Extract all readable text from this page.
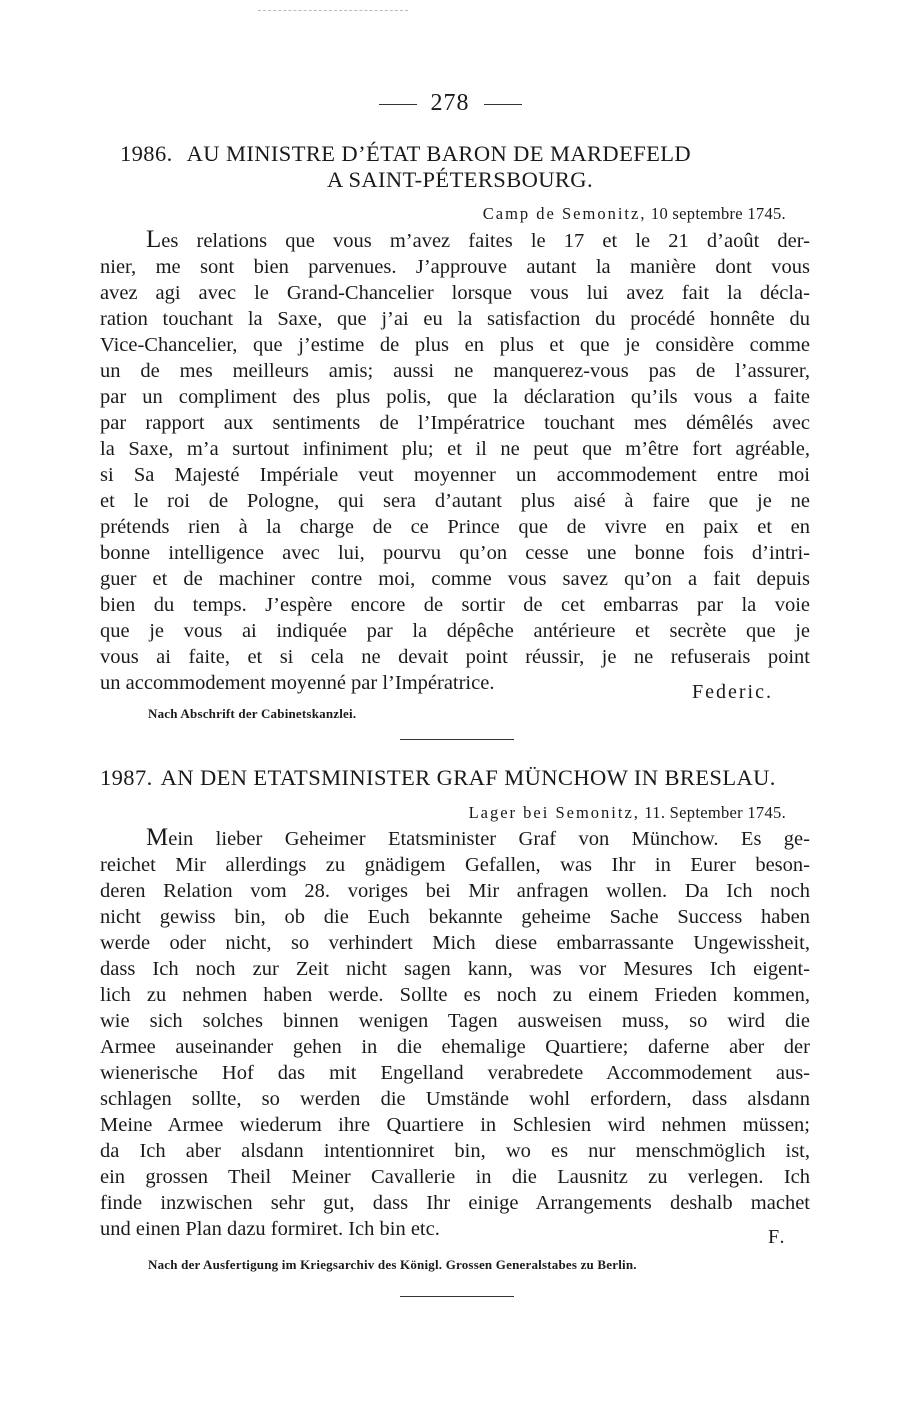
278
1986. AU MINISTRE D’ÉTAT BARON DE MARDEFELD
A SAINT-PÉTERSBOURG.
Camp de Semonitz, 10 septembre 1745.
Les relations que vous m’avez faites le 17 et le 21 d’août der-
nier, me sont bien parvenues. J’approuve autant la manière dont vous
avez agi avec le Grand-Chancelier lorsque vous lui avez fait la décla-
ration touchant la Saxe, que j’ai eu la satisfaction du procédé honnête du
Vice-Chancelier, que j’estime de plus en plus et que je considère comme
un de mes meilleurs amis; aussi ne manquerez-vous pas de l’assurer,
par un compliment des plus polis, que la déclaration qu’ils vous a faite
par rapport aux sentiments de l’Impératrice touchant mes démêlés avec
la Saxe, m’a surtout infiniment plu; et il ne peut que m’être fort agréable,
si Sa Majesté Impériale veut moyenner un accommodement entre moi
et le roi de Pologne, qui sera d’autant plus aisé à faire que je ne
prétends rien à la charge de ce Prince que de vivre en paix et en
bonne intelligence avec lui, pourvu qu’on cesse une bonne fois d’intri-
guer et de machiner contre moi, comme vous savez qu’on a fait depuis
bien du temps. J’espère encore de sortir de cet embarras par la voie
que je vous ai indiquée par la dépêche antérieure et secrète que je
vous ai faite, et si cela ne devait point réussir, je ne refuserais point
un accommodement moyenné par l’Impératrice.	Federic.
Nach Abschrift der Cabinetskanzlei.
1987. AN DEN ETATSMINISTER GRAF MÜNCHOW IN BRESLAU.
Lager bei Semonitz, 11. September 1745.
Mein lieber Geheimer Etatsminister Graf von Münchow. Es ge-
reichet Mir allerdings zu gnädigem Gefallen, was Ihr in Eurer beson-
deren Relation vom 28. voriges bei Mir anfragen wollen. Da Ich noch
nicht gewiss bin, ob die Euch bekannte geheime Sache Success haben
werde oder nicht, so verhindert Mich diese embarrassante Ungewissheit,
dass Ich noch zur Zeit nicht sagen kann, was vor Mesures Ich eigent-
lich zu nehmen haben werde. Sollte es noch zu einem Frieden kommen,
wie sich solches binnen wenigen Tagen ausweisen muss, so wird die
Armee auseinander gehen in die ehemalige Quartiere; daferne aber der
wienerische Hof das mit Engelland verabredete Accommodement aus-
schlagen sollte, so werden die Umstände wohl erfordern, dass alsdann
Meine Armee wiederum ihre Quartiere in Schlesien wird nehmen müssen;
da Ich aber alsdann intentionniret bin, wo es nur menschmöglich ist,
ein grossen Theil Meiner Cavallerie in die Lausnitz zu verlegen. Ich
finde inzwischen sehr gut, dass Ihr einige Arrangements deshalb machet
und einen Plan dazu formiret. Ich bin etc.	F.
Nach der Ausfertigung im Kriegsarchiv des Königl. Grossen Generalstabes zu Berlin.
